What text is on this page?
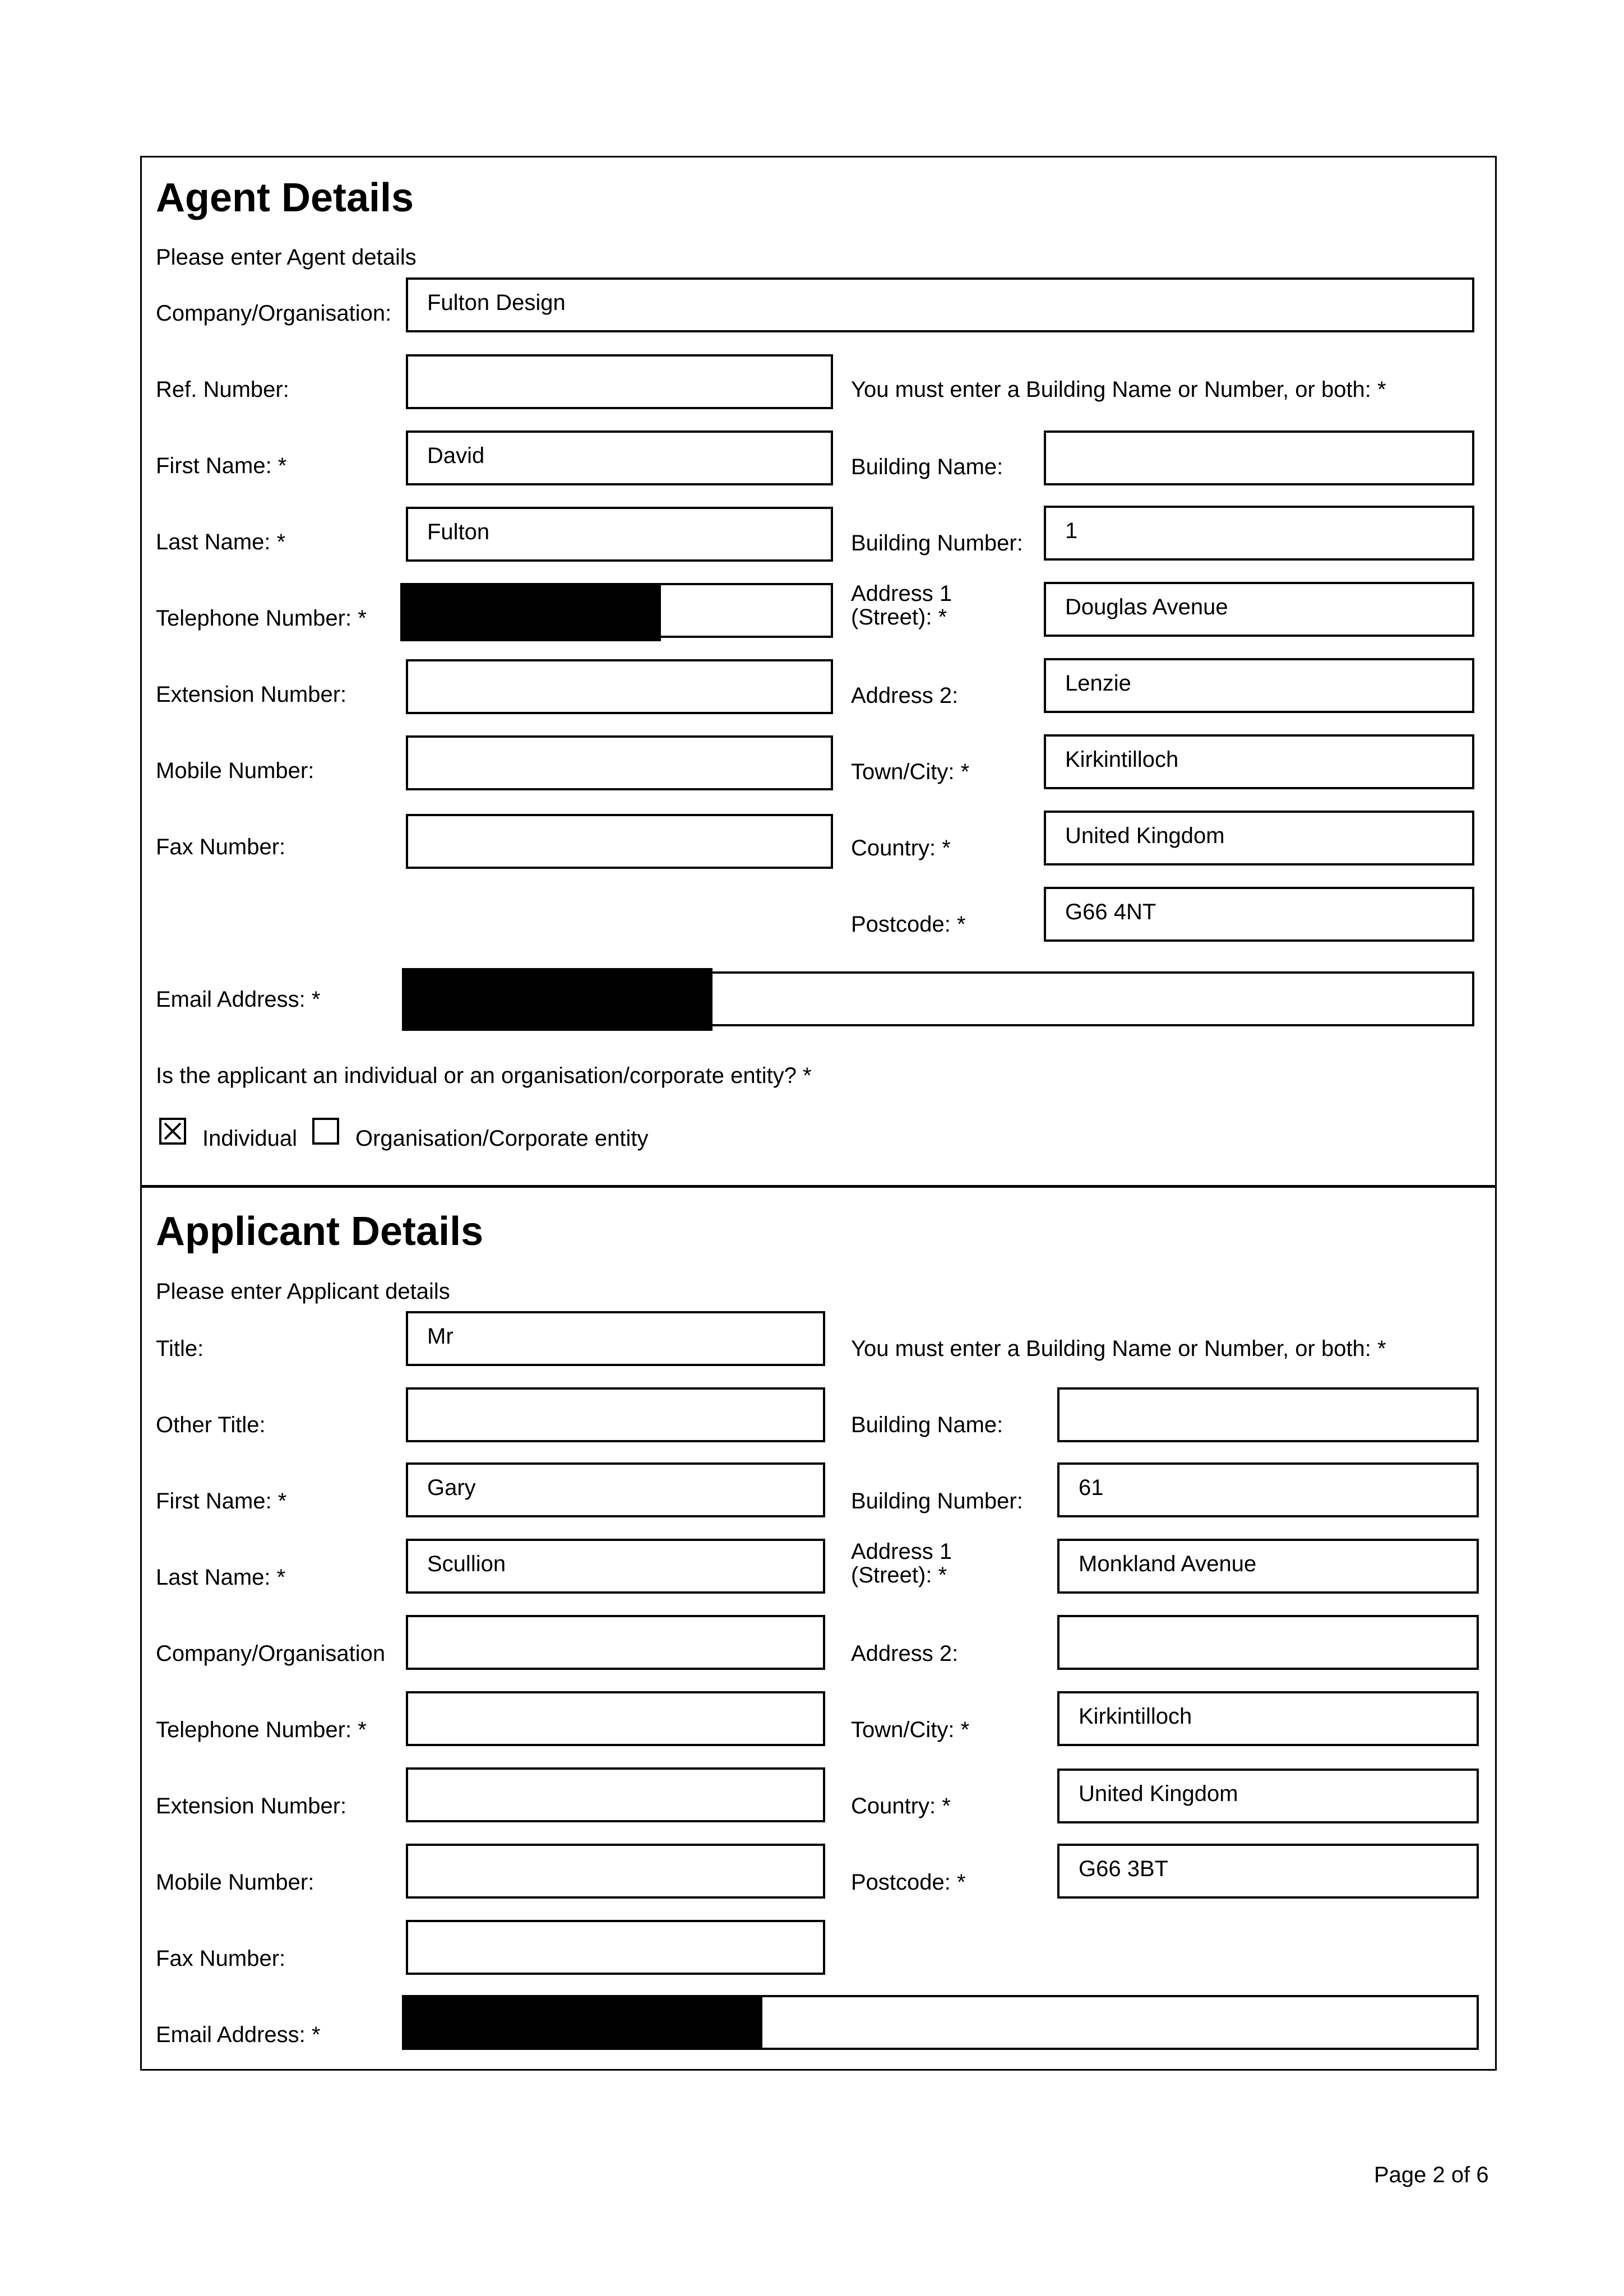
Agent Details
Please enter Agent details
Company/Organisation:
Ref. Number:
First Name: *
Last Name: *
Telephone Number: *
Extension Number:
Mobile Number:
Fax Number:
Email Address: *
Fulton Design
David
Fulton
You must enter a Building Name or Number, or both: *
Building Name:
Building Number:
Address 1
(Street): *
Address 2:
Town/City: *
Country: *
Postcode: *
1
Douglas Avenue
Lenzie
Kirkintilloch
United Kingdom
G66 4NT
Is the applicant an individual or an organisation/corporate entity? *
Individual	Organisation/Corporate entity
Applicant Details
Please enter Applicant details
Title:
Other Title:
First Name: *
Last Name: *
Company/Organisation
Telephone Number: *
Extension Number:
Mobile Number:
Fax Number:
Email Address: *
Mr
Gary
Scullion
You must enter a Building Name or Number, or both: *
Building Name:
Building Number:
Address 1
(Street): *
Address 2:
Town/City: *
Country: *
Postcode: *
61
Monkland Avenue
Kirkintilloch
United Kingdom
G66 3BT
Page 2 of 6
